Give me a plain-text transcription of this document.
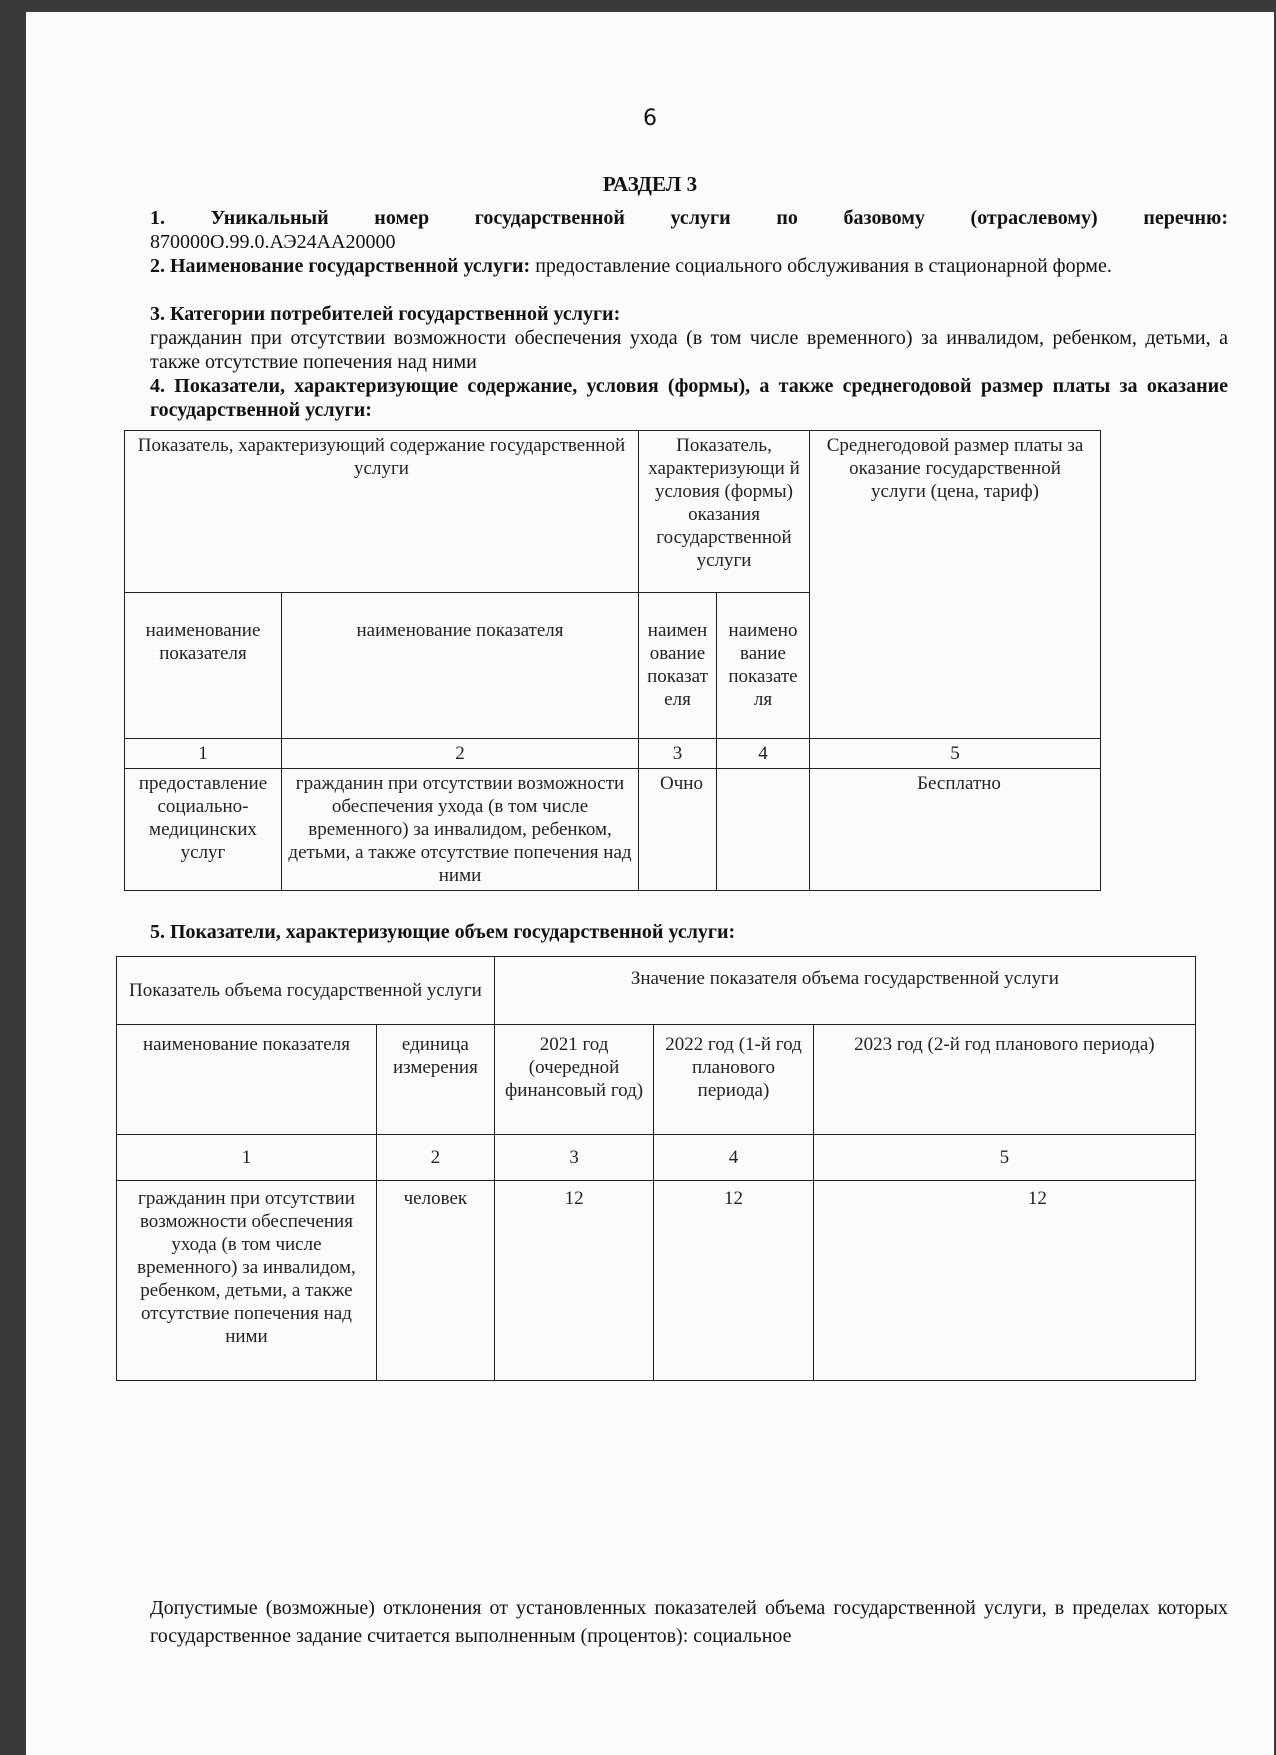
6
РАЗДЕЛ 3
1. Уникальный номер государственной услуги по базовому (отраслевому) перечню:
870000О.99.0.АЭ24АА20000
2. Наименование государственной услуги: предоставление социального обслуживания в стационарной форме.
3. Категории потребителей государственной услуги:
гражданин при отсутствии возможности обеспечения ухода (в том числе временного) за инвалидом, ребенком, детьми, а также отсутствие попечения над ними
4. Показатели, характеризующие содержание, условия (формы), а также среднегодовой размер платы за оказание государственной услуги:
Показатель, характеризующий содержание государственной услуги		Показатель, характеризующи й условия (формы) оказания государственной услуги		Среднегодовой размер платы за оказание государственной услуги (цена, тариф)
наименование показателя	наименование показателя	наимен ование показат еля	наимено вание показате ля	
1	2	3	4	5
предоставление социально-медицинских услуг	гражданин при отсутствии возможности обеспечения ухода (в том числе временного) за инвалидом, ребенком, детьми, а также отсутствие попечения над ними	Очно		Бесплатно
5. Показатели, характеризующие объем государственной услуги:
Показатель объема государственной услуги		Значение показателя объема государственной услуги		
наименование показателя	единица измерения	2021 год (очередной финансовый год)	2022 год (1-й год планового периода)	2023 год (2-й год планового периода)
1	2	3	4	5
гражданин при отсутствии возможности обеспечения ухода (в том числе временного) за инвалидом, ребенком, детьми, а также отсутствие попечения над ними	человек	12	12	12
Допустимые (возможные) отклонения от установленных показателей объема государственной услуги, в пределах которых государственное задание считается выполненным (процентов): социальное
